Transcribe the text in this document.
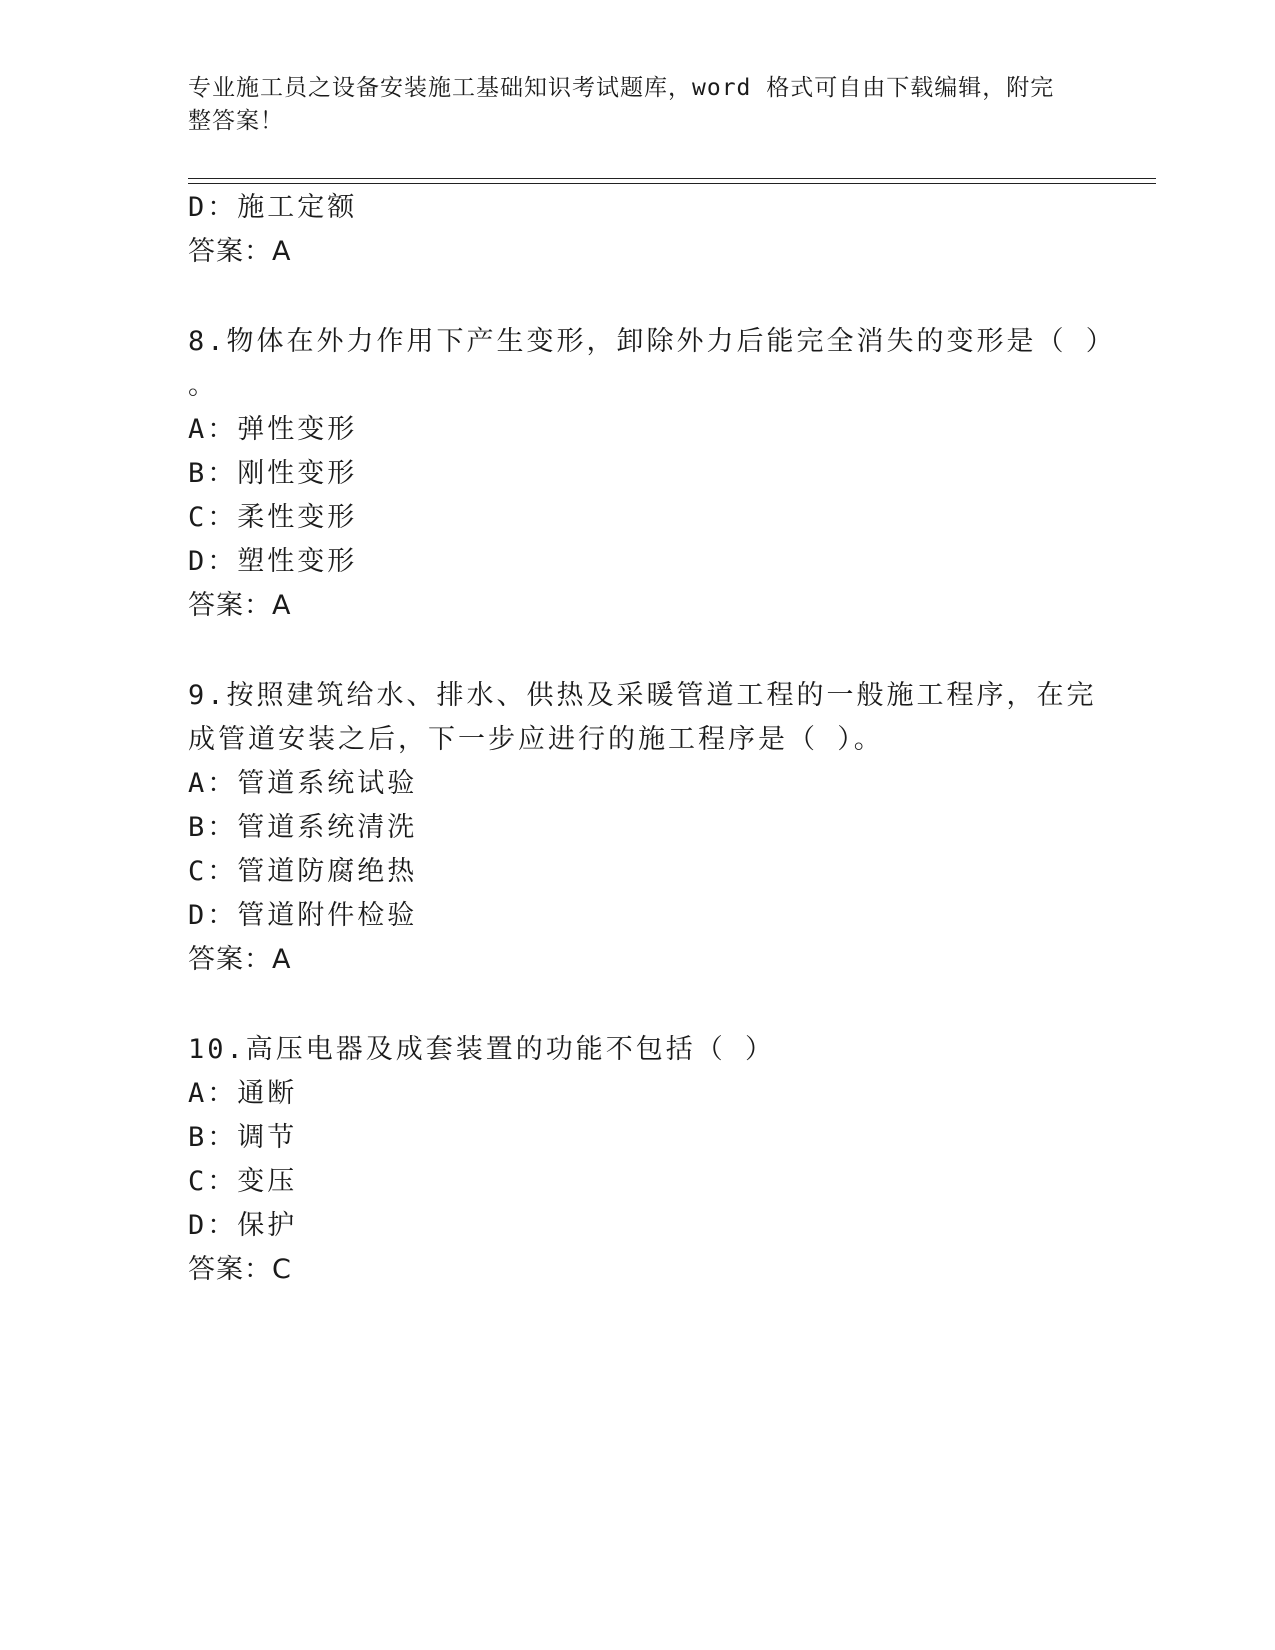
专业施工员之设备安装施工基础知识考试题库，word 格式可自由下载编辑，附完
整答案！
D：施工定额
答案：A
8.物体在外力作用下产生变形，卸除外力后能完全消失的变形是（ ）
。
A：弹性变形
B：刚性变形
C：柔性变形
D：塑性变形
答案：A
9.按照建筑给水、排水、供热及采暖管道工程的一般施工程序，在完
成管道安装之后，下一步应进行的施工程序是（ ）。
A：管道系统试验
B：管道系统清洗
C：管道防腐绝热
D：管道附件检验
答案：A
10.高压电器及成套装置的功能不包括（ ）
A：通断
B：调节
C：变压
D：保护
答案：C
